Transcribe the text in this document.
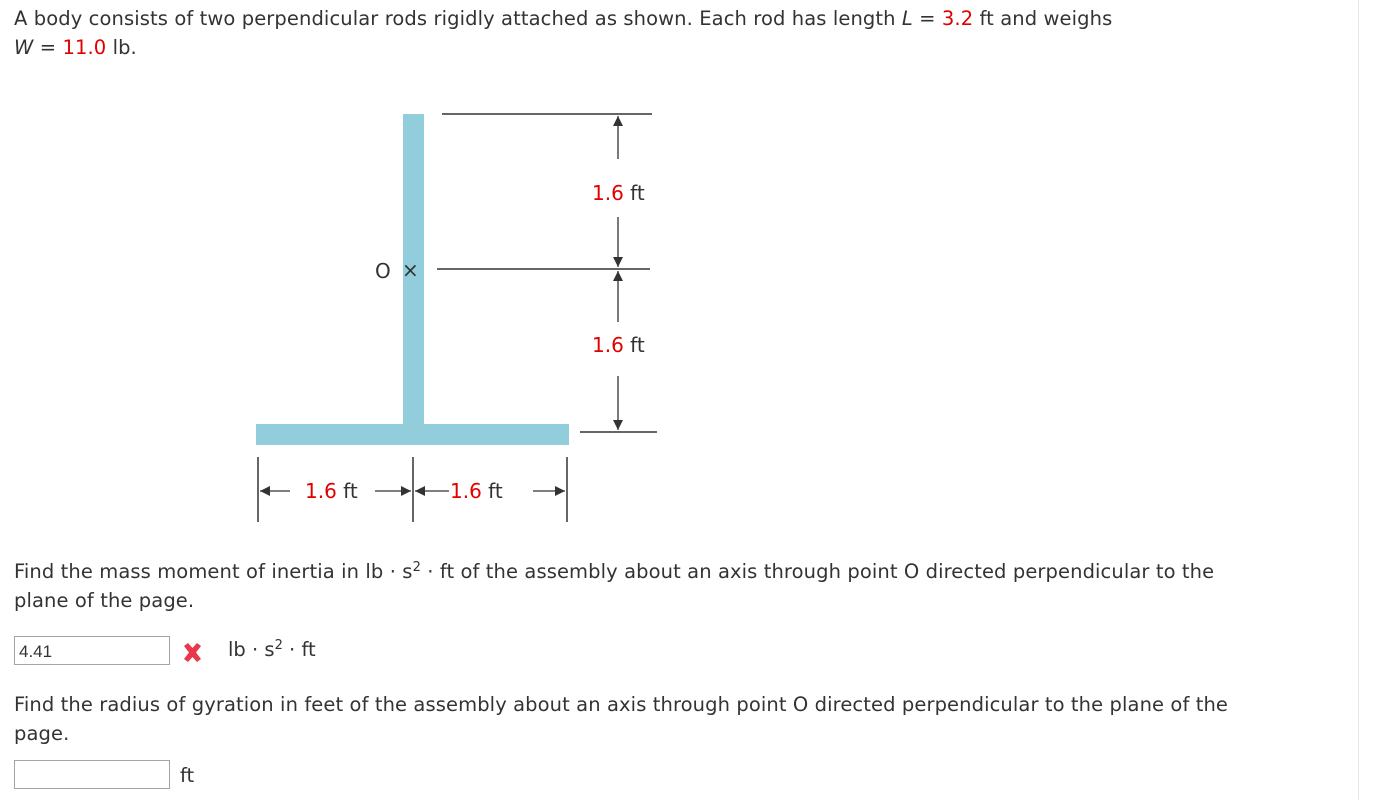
A body consists of two perpendicular rods rigidly attached as shown. Each rod has length L = 3.2 ft and weighs
W = 11.0 lb.

O ×
1.6 ft
1.6 ft
1.6 ft	1.6 ft

Find the mass moment of inertia in lb · $s^2$ · ft of the assembly about an axis through point O directed perpendicular to the
plane of the page.

4.41
lb · $s^2$ · ft

Find the radius of gyration in feet of the assembly about an axis through point O directed perpendicular to the plane of the
page.

ft
